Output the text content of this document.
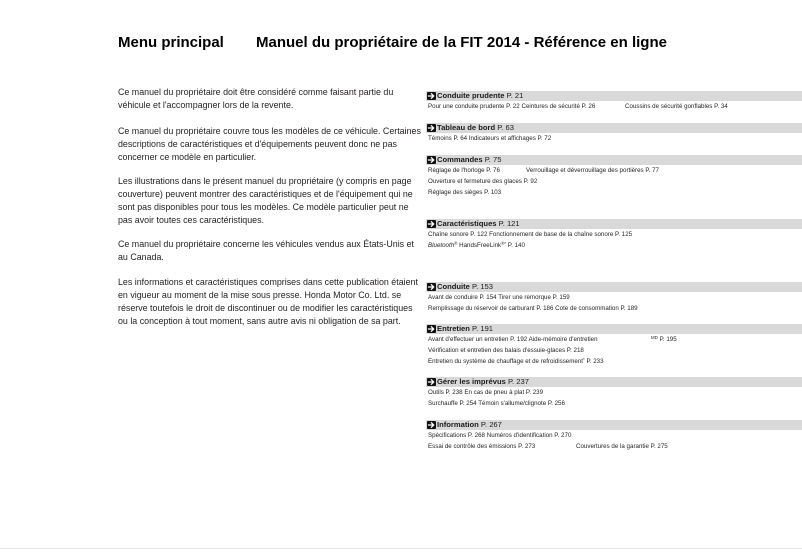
Menu principal Manuel du propriétaire de la FIT 2014 - Référence en ligne
Ce manuel du propriétaire doit être considéré comme faisant partie du
véhicule et l'accompagner lors de la revente.
Ce manuel du propriétaire couvre tous les modèles de ce véhicule. Certaines
descriptions de caractéristiques et d'équipements peuvent donc ne pas
concerner ce modèle en particulier.
Les illustrations dans le présent manuel du propriétaire (y compris en page
couverture) peuvent montrer des caractéristiques et de l'équipement qui ne
sont pas disponibles pour tous les modèles. Ce modèle particulier peut ne
pas avoir toutes ces caractéristiques.
Ce manuel du propriétaire concerne les véhicules vendus aux États-Unis et
au Canada.
Les informations et caractéristiques comprises dans cette publication étaient
en vigueur au moment de la mise sous presse. Honda Motor Co. Ltd. se
réserve toutefois le droit de discontinuer ou de modifier les caractéristiques
ou la conception à tout moment, sans autre avis ni obligation de sa part.
Conduite prudente P. 21
Pour une conduite prudente P. 22 Ceintures de sécurité P. 26	Coussins de sécurité gonflables P. 34
Tableau de bord P. 63
Témoins P. 64 Indicateurs et affichages P. 72
Commandes P. 75
Réglage de l'horloge P. 76	Verrouillage et déverrouillage des portières P. 77
Ouverture et fermeture des glaces P. 92
Réglage des sièges P. 103
Caractéristiques P. 121
Chaîne sonore P. 122 Fonctionnement de base de la chaîne sonore P. 125
Bluetooth® HandsFreeLink®* P. 140
Conduite P. 153
Avant de conduire P. 154 Tirer une remorque P. 159
Remplissage du réservoir de carburant P. 186 Cote de consommation P. 189
Entretien P. 191
Avant d'effectuer un entretien P. 192 Aide-mémoire d'entretien	$^{MD}$ P. 195
Vérification et entretien des balais d'essuie-glaces P. 218
Entretien du système de chauffage et de refroidissement* P. 233
Gérer les imprévus P. 237
Outils P. 238 En cas de pneu à plat P. 239
Surchauffe P. 254 Témoin s'allume/clignote P. 256
Information P. 267
Spécifications P. 268 Numéros d'identification P. 270
Essai de contrôle des émissions P. 273	Couvertures de la garantie P. 275
